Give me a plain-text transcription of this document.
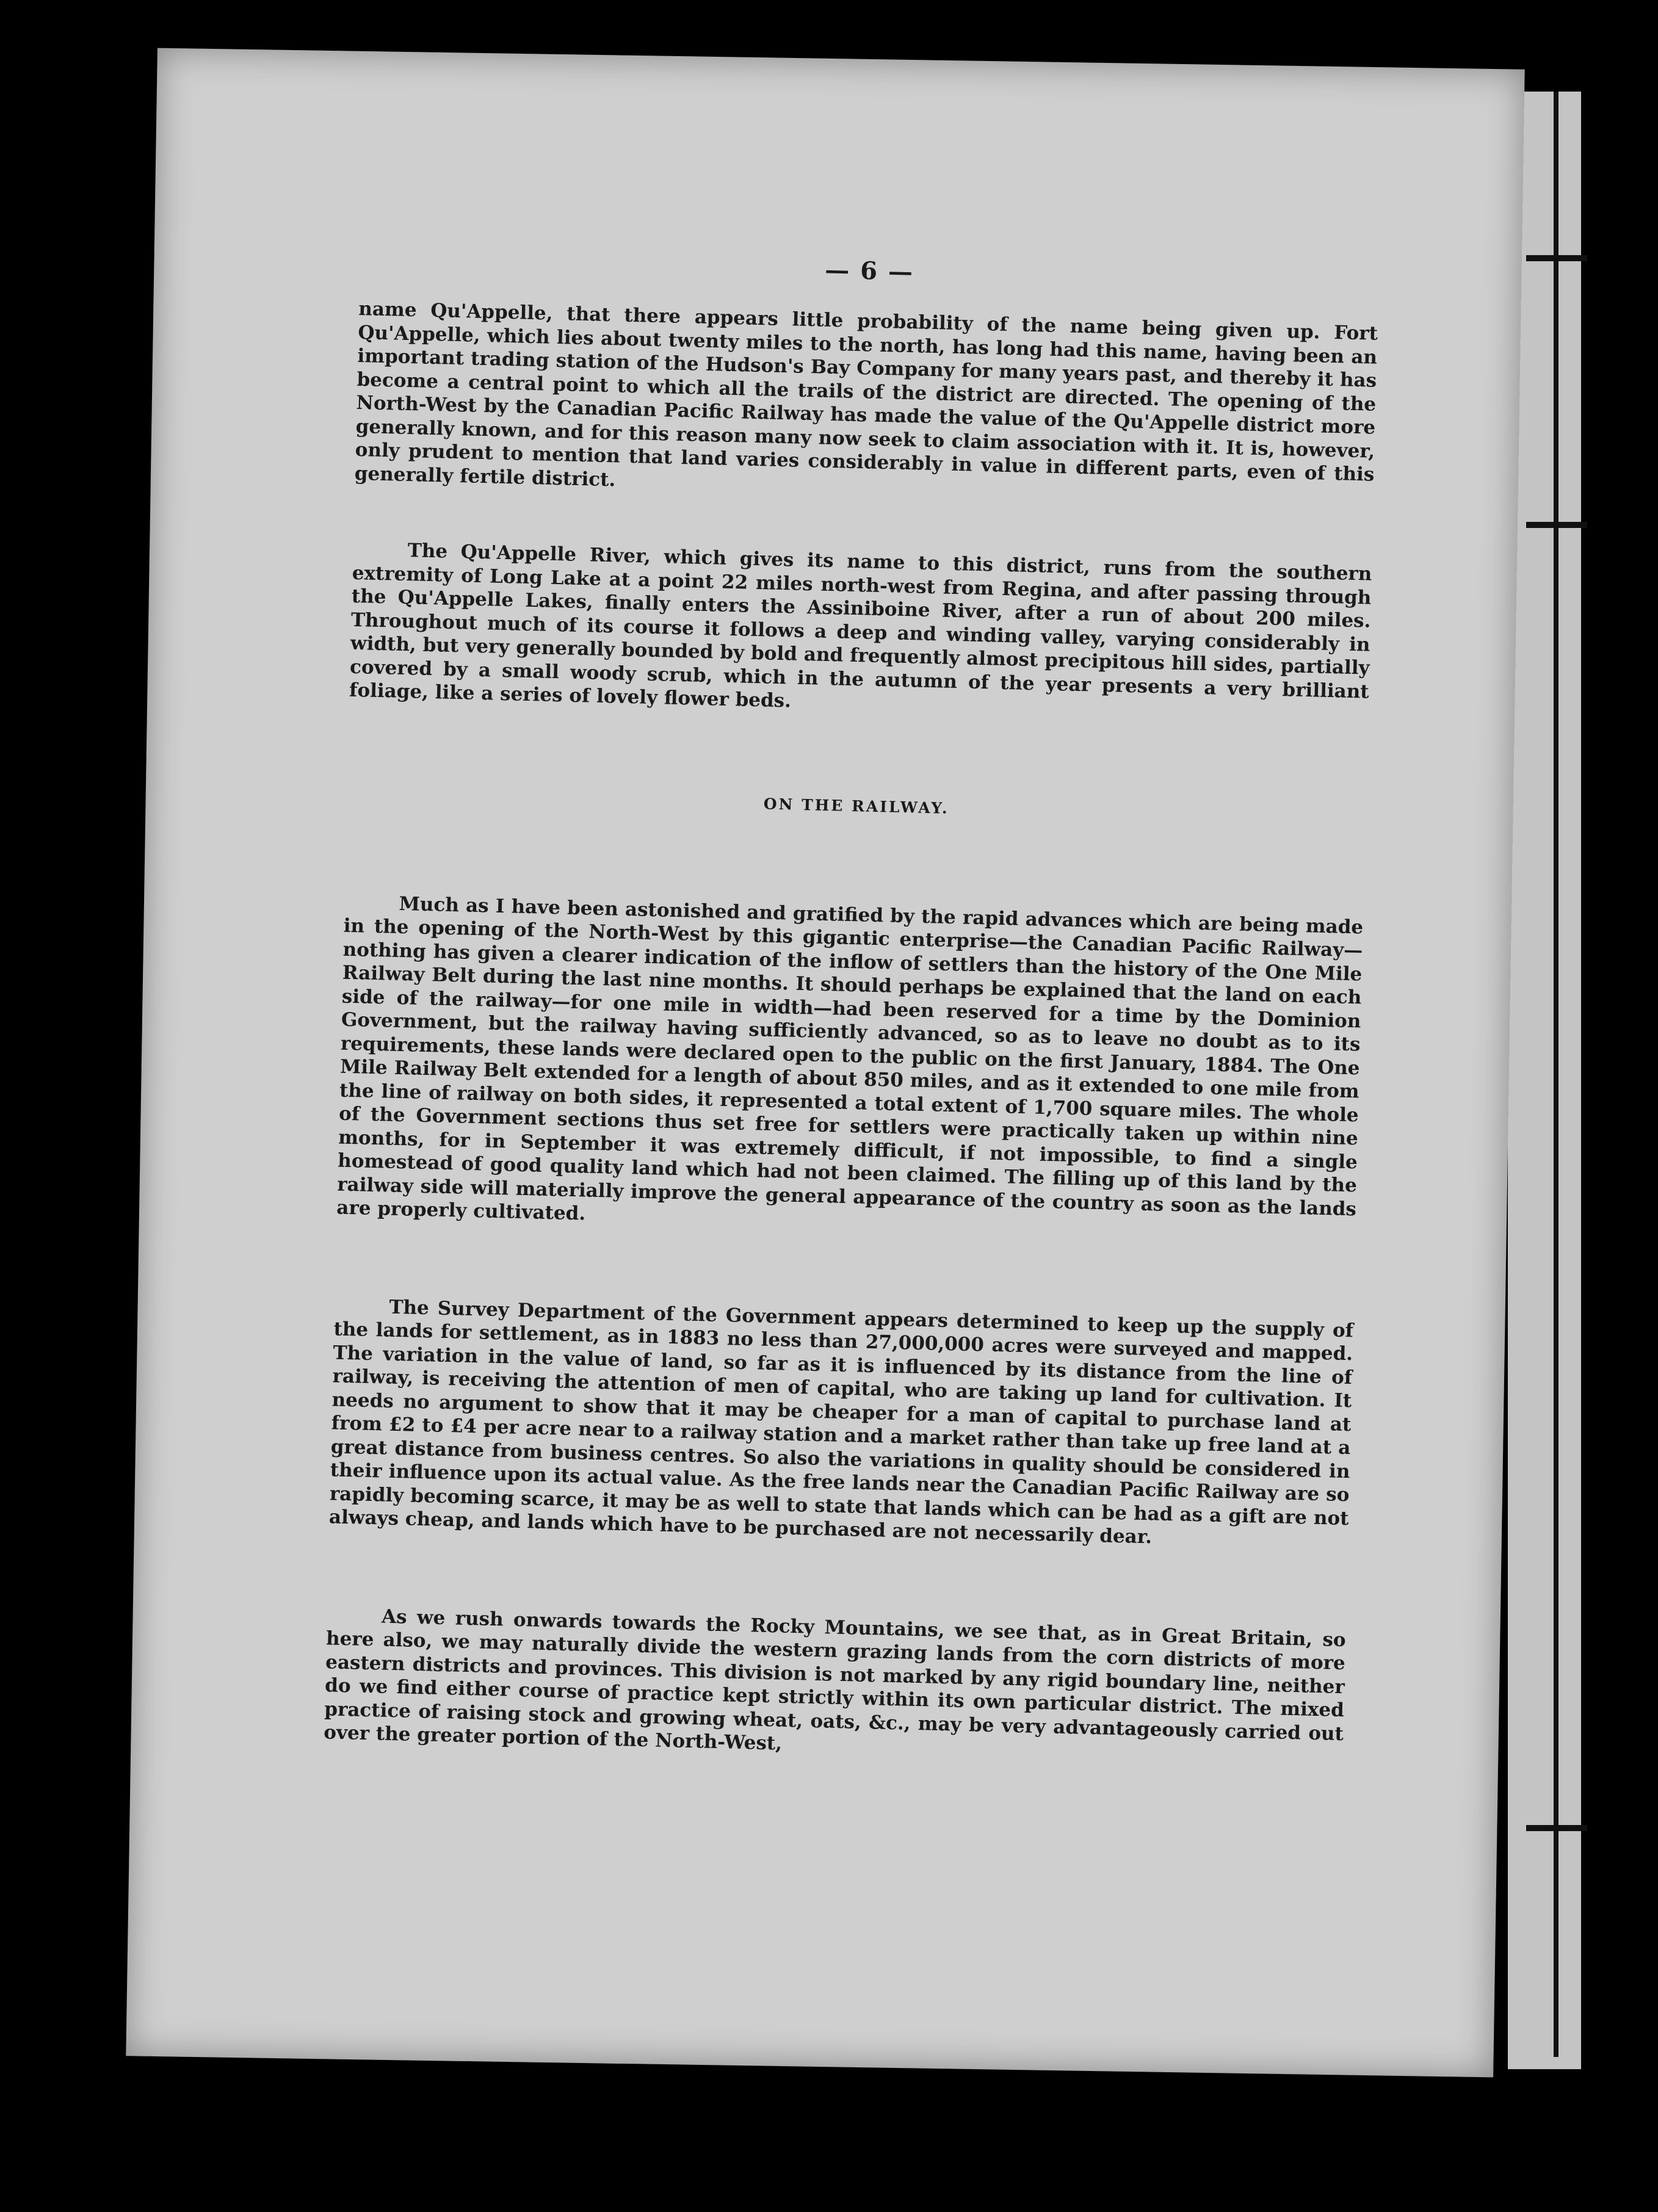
— 6 —

name Qu'Appelle, that there appears little probability of the name being given up. Fort Qu'Appelle, which lies about twenty miles to the north, has long had this name, having been an important trading station of the Hudson's Bay Company for many years past, and thereby it has become a central point to which all the trails of the district are directed. The opening of the North-West by the Canadian Pacific Railway has made the value of the Qu'Appelle district more generally known, and for this reason many now seek to claim association with it. It is, however, only prudent to mention that land varies considerably in value in different parts, even of this generally fertile district.

The Qu'Appelle River, which gives its name to this district, runs from the southern extremity of Long Lake at a point 22 miles north-west from Regina, and after passing through the Qu'Appelle Lakes, finally enters the Assiniboine River, after a run of about 200 miles. Throughout much of its course it follows a deep and winding valley, varying considerably in width, but very generally bounded by bold and frequently almost precipitous hill sides, partially covered by a small woody scrub, which in the autumn of the year presents a very brilliant foliage, like a series of lovely flower beds.

ON THE RAILWAY.

Much as I have been astonished and gratified by the rapid advances which are being made in the opening of the North-West by this gigantic enterprise—the Canadian Pacific Railway—nothing has given a clearer indication of the inflow of settlers than the history of the One Mile Railway Belt during the last nine months. It should perhaps be explained that the land on each side of the railway—for one mile in width—had been reserved for a time by the Dominion Government, but the railway having sufficiently advanced, so as to leave no doubt as to its requirements, these lands were declared open to the public on the first January, 1884. The One Mile Railway Belt extended for a length of about 850 miles, and as it extended to one mile from the line of railway on both sides, it represented a total extent of 1,700 square miles. The whole of the Government sections thus set free for settlers were practically taken up within nine months, for in September it was extremely difficult, if not impossible, to find a single homestead of good quality land which had not been claimed. The filling up of this land by the railway side will materially improve the general appearance of the country as soon as the lands are properly cultivated.

The Survey Department of the Government appears determined to keep up the supply of the lands for settlement, as in 1883 no less than 27,000,000 acres were surveyed and mapped. The variation in the value of land, so far as it is influenced by its distance from the line of railway, is receiving the attention of men of capital, who are taking up land for cultivation. It needs no argument to show that it may be cheaper for a man of capital to purchase land at from £2 to £4 per acre near to a railway station and a market rather than take up free land at a great distance from business centres. So also the variations in quality should be considered in their influence upon its actual value. As the free lands near the Canadian Pacific Railway are so rapidly becoming scarce, it may be as well to state that lands which can be had as a gift are not always cheap, and lands which have to be purchased are not necessarily dear.

As we rush onwards towards the Rocky Mountains, we see that, as in Great Britain, so here also, we may naturally divide the western grazing lands from the corn districts of more eastern districts and provinces. This division is not marked by any rigid boundary line, neither do we find either course of practice kept strictly within its own particular district. The mixed practice of raising stock and growing wheat, oats, &c., may be very advantageously carried out over the greater portion of the North-West,
